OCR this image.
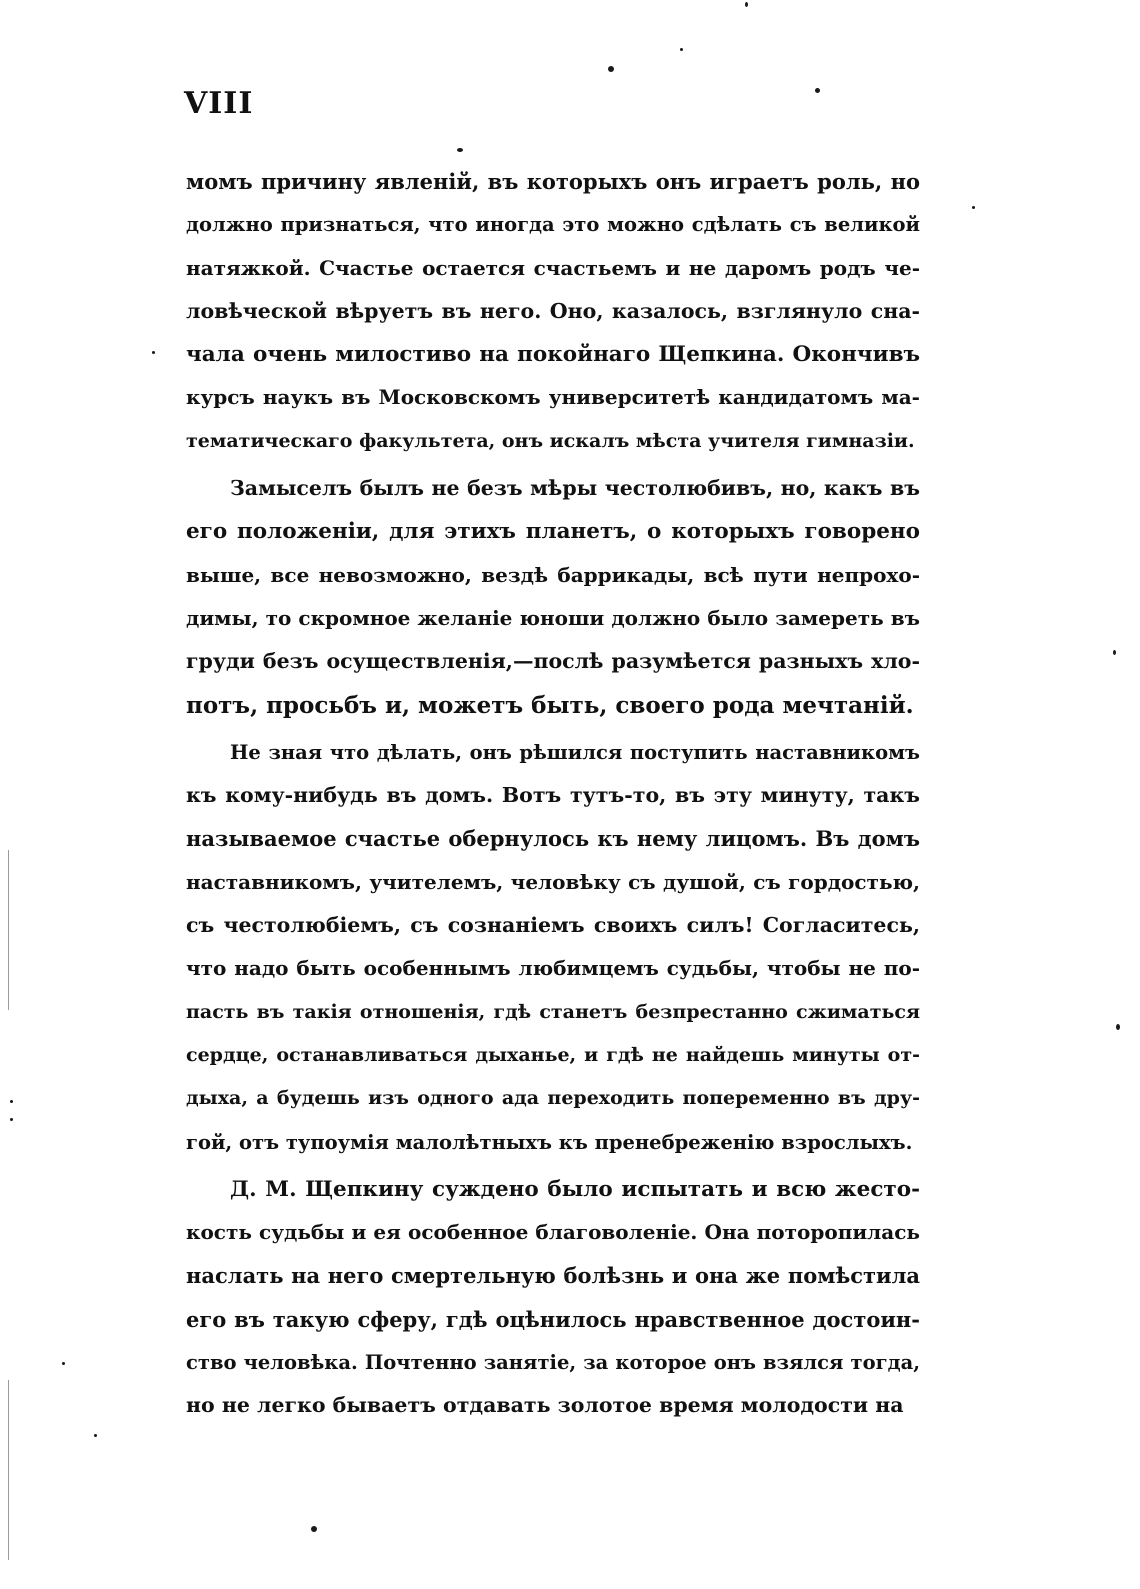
VIII
момъ причину явленій, въ которыхъ онъ играетъ роль, но
должно признаться, что иногда это можно сдѣлать съ великой
натяжкой. Счастье остается счастьемъ и не даромъ родъ че-
ловѣческой вѣруетъ въ него. Оно, казалось, взглянуло сна-
чала очень милостиво на покойнаго Щепкина. Окончивъ
курсъ наукъ въ Московскомъ университетѣ кандидатомъ ма-
тематическаго факультета, онъ искалъ мѣста учителя гимназіи.
Замыселъ былъ не безъ мѣры честолюбивъ, но, какъ въ
его положеніи, для этихъ планетъ, о которыхъ говорено
выше, все невозможно, вездѣ баррикады, всѣ пути непрохо-
димы, то скромное желаніе юноши должно было замереть въ
груди безъ осуществленія,—послѣ разумѣется разныхъ хло-
потъ, просьбъ и, можетъ быть, своего рода мечтаній.
Не зная что дѣлать, онъ рѣшился поступить наставникомъ
къ кому-нибудь въ домъ. Вотъ тутъ-то, въ эту минуту, такъ
называемое счастье обернулось къ нему лицомъ. Въ домъ
наставникомъ, учителемъ, человѣку съ душой, съ гордостью,
съ честолюбіемъ, съ сознаніемъ своихъ силъ! Согласитесь,
что надо быть особеннымъ любимцемъ судьбы, чтобы не по-
пасть въ такія отношенія, гдѣ станетъ безпрестанно сжиматься
сердце, останавливаться дыханье, и гдѣ не найдешь минуты от-
дыха, а будешь изъ одного ада переходить попеременно въ дру-
гой, отъ тупоумія малолѣтныхъ къ пренебреженію взрослыхъ.
Д. М. Щепкину суждено было испытать и всю жесто-
кость судьбы и ея особенное благоволеніе. Она поторопилась
наслать на него смертельную болѣзнь и она же помѣстила
его въ такую сферу, гдѣ оцѣнилось нравственное достоин-
ство человѣка. Почтенно занятіе, за которое онъ взялся тогда,
но не легко бываетъ отдавать золотое время молодости на
